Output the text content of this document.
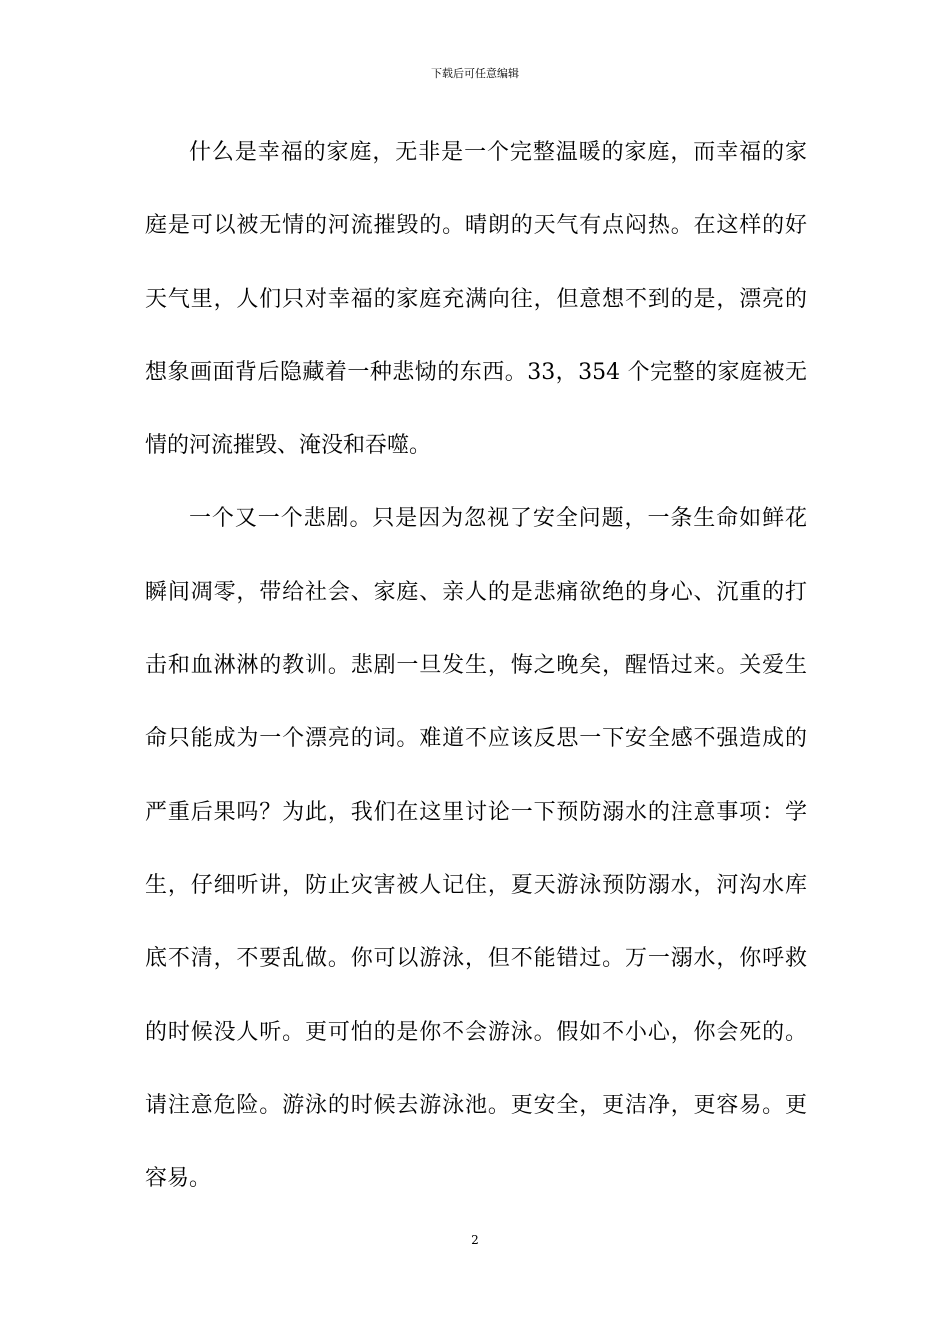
下载后可任意编辑
什么是幸福的家庭，无非是一个完整温暖的家庭，而幸福的家
庭是可以被无情的河流摧毁的。晴朗的天气有点闷热。在这样的好
天气里，人们只对幸福的家庭充满向往，但意想不到的是，漂亮的
想象画面背后隐藏着一种悲恸的东西。33，354 个完整的家庭被无
情的河流摧毁、淹没和吞噬。
一个又一个悲剧。只是因为忽视了安全问题，一条生命如鲜花
瞬间凋零，带给社会、家庭、亲人的是悲痛欲绝的身心、沉重的打
击和血淋淋的教训。悲剧一旦发生，悔之晚矣，醒悟过来。关爱生
命只能成为一个漂亮的词。难道不应该反思一下安全感不强造成的
严重后果吗？为此，我们在这里讨论一下预防溺水的注意事项：学
生，仔细听讲，防止灾害被人记住，夏天游泳预防溺水，河沟水库
底不清，不要乱做。你可以游泳，但不能错过。万一溺水，你呼救
的时候没人听。更可怕的是你不会游泳。假如不小心，你会死的。
请注意危险。游泳的时候去游泳池。更安全，更洁净，更容易。更
容易。
2
